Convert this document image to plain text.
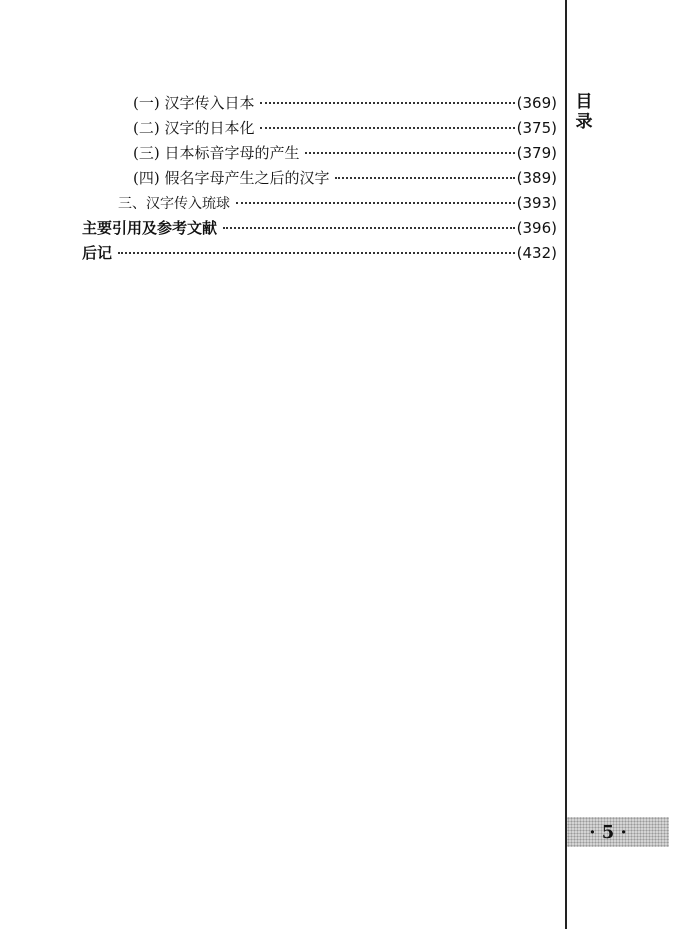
目录
(一) 汉字传入日本	(369)
(二) 汉字的日本化	(375)
(三) 日本标音字母的产生	(379)
(四) 假名字母产生之后的汉字	(389)
三、汉字传入琉球	(393)
主要引用及参考文献	(396)
后记	(432)
· 5 ·
